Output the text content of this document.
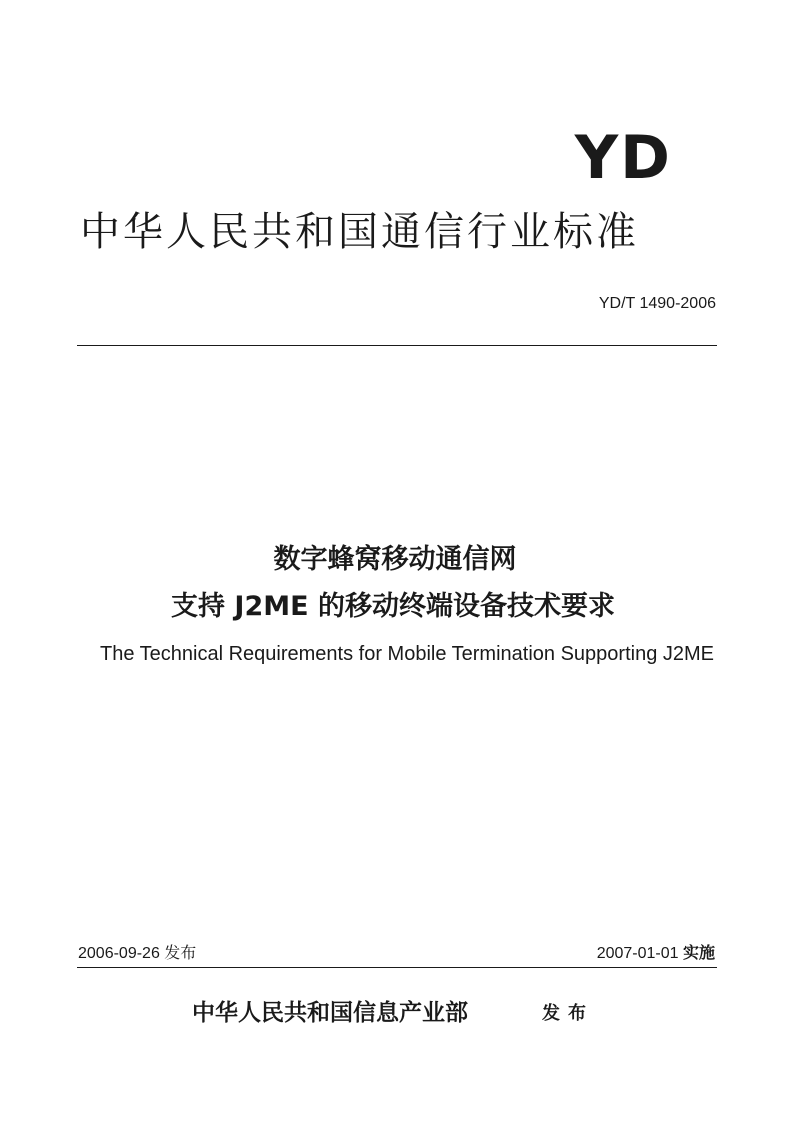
YD
中华人民共和国通信行业标准
YD/T 1490-2006
数字蜂窝移动通信网
支持 J2ME 的移动终端设备技术要求
The Technical Requirements for Mobile Termination Supporting J2ME
2006-09-26 发布	2007-01-01 实施
中华人民共和国信息产业部	发布
